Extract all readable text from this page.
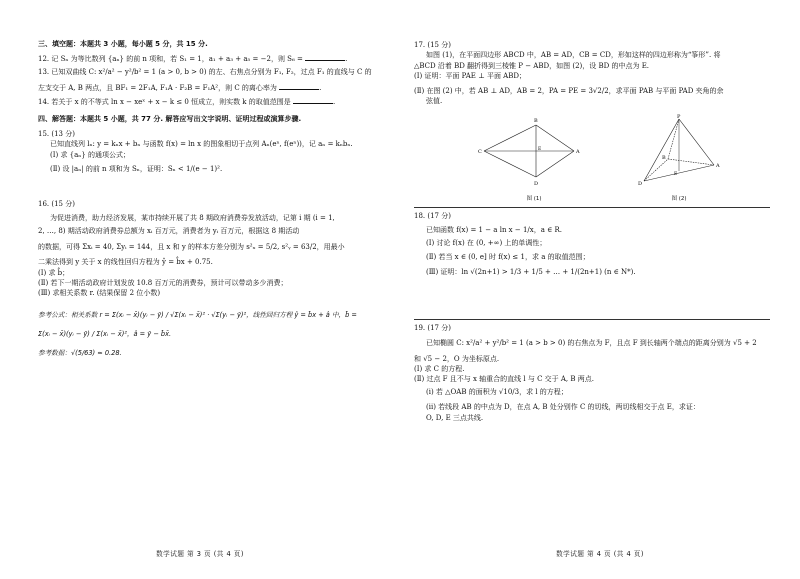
三、填空题：本题共 3 小题，每小题 5 分，共 15 分.
12. 记 Sₙ 为等比数列 {aₙ} 的前 n 项和，若 S₁ = 1，a₁ + a₃ + a₅ = −2，则 S₆ =	.

13. 已知双曲线 C: x²/a² − y²/b² = 1 (a > 0, b > 0) 的左、右焦点分别为 F₁, F₂，过点 F₁ 的直线与 C 的

左支交于 A, B 两点，且 BF₁ = 2F₁A, F₁A · F₂B = F₁A²，则 C 的离心率为	.

14. 若关于 x 的不等式 ln x − xeˣ + x − k ≤ 0 恒成立，则实数 k 的取值范围是	.
四、解答题：本题共 5 小题，共 77 分. 解答应写出文字说明、证明过程或演算步骤.

15. (13 分)

已知直线列 lₙ: y = kₙx + bₙ 与函数 f(x) = ln x 的图象相切于点列 Aₙ(eⁿ, f(eⁿ))，记 aₙ = kₙbₙ.

(Ⅰ) 求 {aₙ} 的通项公式；

(Ⅱ) 设 |aₙ| 的前 n 项和为 Sₙ，证明：Sₙ < 1/(e − 1)².

16. (15 分)

为促进消费，助力经济发展，某市持续开展了共 8 期政府消费券发放活动，记第 i 期 (i = 1,

2, …, 8) 期活动政府消费券总额为 xᵢ 百万元，消费者为 yᵢ 百万元，根据这 8 期活动

的数据，可得 Σxᵢ = 40, Σyᵢ = 144，且 x 和 y 的样本方差分别为 s²ₓ = 5/2, s²ᵧ = 63/2，用最小

二乘法得到 y 关于 x 的线性回归方程为 ŷ = b̂x + 0.75.

(Ⅰ) 求 b̂；

(Ⅱ) 若下一期活动政府计划发放 10.8 百万元的消费券，预计可以带动多少消费；

(Ⅲ) 求相关系数 r. (结果保留 2 位小数)

参考公式：相关系数 r = Σ(xᵢ − x̄)(yᵢ − ȳ) / √Σ(xᵢ − x̄)² · √Σ(yᵢ − ȳ)²，线性回归方程 ŷ = b̂x + â 中，b̂ =

Σ(xᵢ − x̄)(yᵢ − ȳ) / Σ(xᵢ − x̄)²，â = ȳ − b̂x̄.

参考数据：√(5/63) ≈ 0.28.

数学试题 第 3 页 (共 4 页)

17. (15 分)

如图 (1)，在平面四边形 ABCD 中，AB = AD，CB = CD，形如这样的四边形称为“筝形”. 将

△BCD 沿着 BD 翻折得到三棱锥 P − ABD，如图 (2)，设 BD 的中点为 E.

(Ⅰ) 证明：平面 PAE ⊥ 平面 ABD；

(Ⅱ) 在图 (2) 中，若 AB ⊥ AD，AB = 2，PA = PE = 3√2/2，求平面 PAB 与平面 PAD 夹角的余

弦值.

C
B
A
D
E
图 (1)
P
D
A
B
E
图 (2)

18. (17 分)

已知函数 f(x) = 1 − a ln x − 1/x，a ∈ R.

(Ⅰ) 讨论 f(x) 在 (0, +∞) 上的单调性；

(Ⅱ) 若当 x ∈ (0, e] 时 f(x) ≤ 1，求 a 的取值范围；

(Ⅲ) 证明：ln √(2n+1) > 1/3 + 1/5 + … + 1/(2n+1) (n ∈ N*).

19. (17 分)

已知椭圆 C: x²/a² + y²/b² = 1 (a > b > 0) 的右焦点为 F，且点 F 到长轴两个端点的距离分别为 √5 + 2

和 √5 − 2，O 为坐标原点.

(Ⅰ) 求 C 的方程.

(Ⅱ) 过点 F 且不与 x 轴重合的直线 l 与 C 交于 A, B 两点.

(ⅰ) 若 △OAB 的面积为 √10/3，求 l 的方程；

(ⅱ) 若线段 AB 的中点为 D，在点 A, B 处分别作 C 的切线，两切线相交于点 E，求证：

O, D, E 三点共线.

数学试题 第 4 页 (共 4 页)
